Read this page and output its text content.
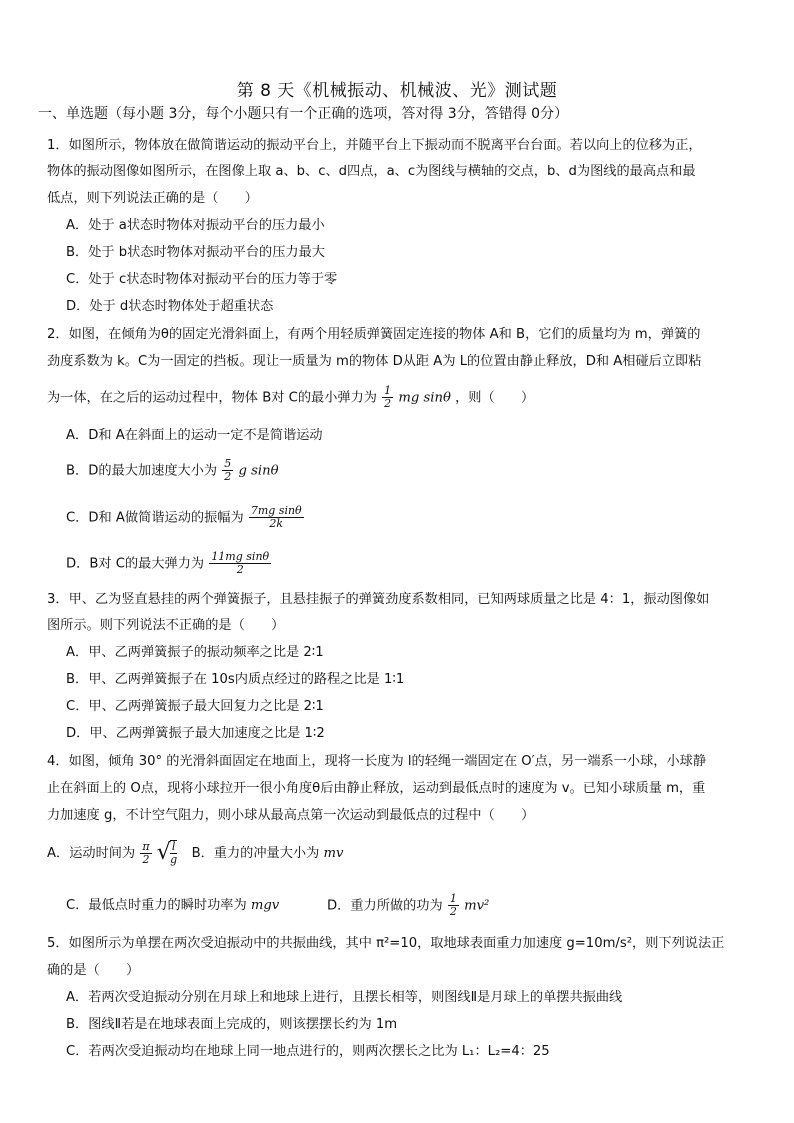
第 8 天《机械振动、机械波、光》测试题
一、单选题（每小题 3分，每个小题只有一个正确的选项，答对得 3分，答错得 0分）
1．如图所示，物体放在做简谐运动的振动平台上，并随平台上下振动而不脱离平台台面。若以向上的位移为正，
物体的振动图像如图所示，在图像上取 a、b、c、d四点，a、c为图线与横轴的交点，b、d为图线的最高点和最
低点，则下列说法正确的是（　　）
A．处于 a状态时物体对振动平台的压力最小
B．处于 b状态时物体对振动平台的压力最大
C．处于 c状态时物体对振动平台的压力等于零
D．处于 d状态时物体处于超重状态
2．如图，在倾角为θ的固定光滑斜面上，有两个用轻质弹簧固定连接的物体 A和 B，它们的质量均为 m，弹簧的
劲度系数为 k。C为一固定的挡板。现让一质量为 m的物体 D从距 A为 L的位置由静止释放，D和 A相碰后立即粘
为一体，在之后的运动过程中，物体 B对 C的最小弹力为 $\frac{1}{2}$ mg sinθ ，则（　　）
A．D和 A在斜面上的运动一定不是简谐运动
B．D的最大加速度大小为 $\frac{5}{2}$ g sinθ
C．D和 A做简谐运动的振幅为 $\frac{\text{7mg sinθ}}{2k}$
D．B对 C的最大弹力为 $\frac{\text{11mg sinθ}}{2}$
3．甲、乙为竖直悬挂的两个弹簧振子，且悬挂振子的弹簧劲度系数相同，已知两球质量之比是 4：1，振动图像如
图所示。则下列说法不正确的是（　　）
A．甲、乙两弹簧振子的振动频率之比是 2∶1
B．甲、乙两弹簧振子在 10s内质点经过的路程之比是 1∶1
C．甲、乙两弹簧振子最大回复力之比是 2∶1
D．甲、乙两弹簧振子最大加速度之比是 1∶2
4．如图，倾角 30° 的光滑斜面固定在地面上，现将一长度为 l的轻绳一端固定在 O′点，另一端系一小球，小球静
止在斜面上的 O点，现将小球拉开一很小角度θ后由静止释放，运动到最低点时的速度为 v。已知小球质量 m，重
力加速度 g，不计空气阻力，则小球从最高点第一次运动到最低点的过程中（　　）
A．运动时间为 $\frac{\pi}{2}$
√ $\frac{l}{g}$ B．重力的冲量大小为 mv
C．最低点时重力的瞬时功率为 mgv	D．重力所做的功为 $\frac{1}{2} mv^2$
5．如图所示为单摆在两次受迫振动中的共振曲线，其中 π²=10，取地球表面重力加速度 g=10m/s²，则下列说法正
确的是（　　）
A．若两次受迫振动分别在月球上和地球上进行，且摆长相等，则图线Ⅱ是月球上的单摆共振曲线
B．图线Ⅱ若是在地球表面上完成的，则该摆摆长约为 1m
C．若两次受迫振动均在地球上同一地点进行的，则两次摆长之比为 L₁：L₂=4：25
